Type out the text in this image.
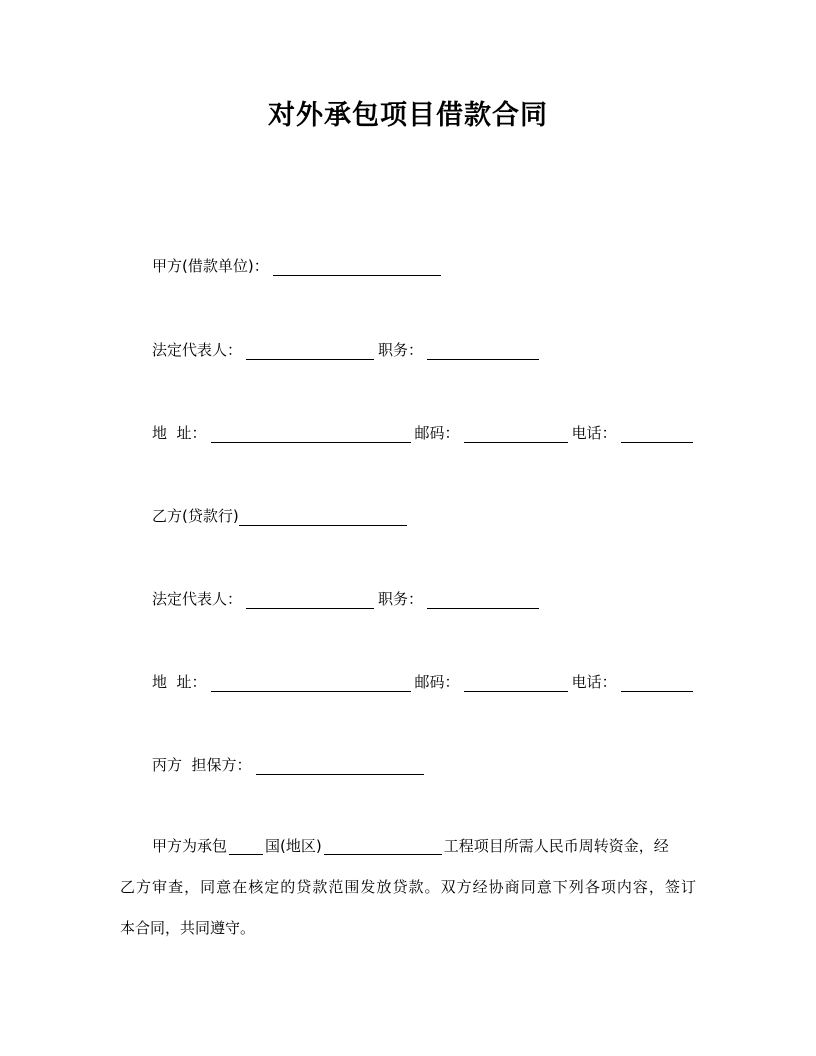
对外承包项目借款合同
甲方(借款单位)：
法定代表人：	职务：
地  址：	邮码：	电话：
乙方(贷款行)
法定代表人：	职务：
地  址：	邮码：	电话：
丙方  担保方：
甲方为承包	国(地区)	工程项目所需人民币周转资金，经
乙方审查，同意在核定的贷款范围发放贷款。双方经协商同意下列各项内容，签订
本合同，共同遵守。
